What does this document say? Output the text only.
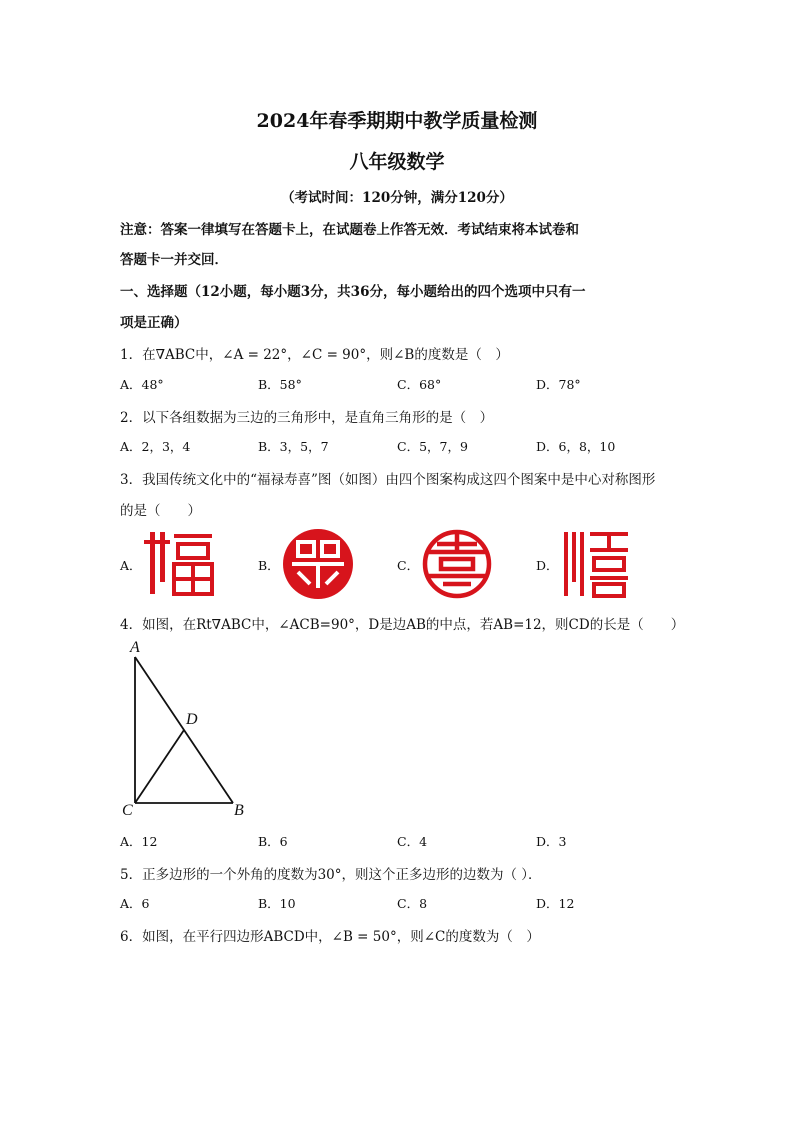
2024年春季期期中教学质量检测
八年级数学
（考试时间：120分钟，满分120分）
注意：答案一律填写在答题卡上，在试题卷上作答无效．考试结束将本试卷和
答题卡一并交回．
一、选择题（12小题，每小题3分，共36分，每小题给出的四个选项中只有一
项是正确）
1．在∇ABC中，∠A = 22°，∠C = 90°，则∠B的度数是（　）
A．48°	B．58°	C．68°	D．78°
2．以下各组数据为三边的三角形中，是直角三角形的是（　）
A．2，3，4	B．3，5，7	C．5，7，9	D．6，8，10
3．我国传统文化中的“福禄寿喜”图（如图）由四个图案构成这四个图案中是中心对称图形
的是（　　）
A．	B．	C．	D．
4．如图，在Rt∇ABC中，∠ACB=90°，D是边AB的中点，若AB=12，则CD的长是（　　）
A
D
C	B
A．12	B．6	C．4	D．3
5．正多边形的一个外角的度数为30°，则这个正多边形的边数为（ ）．
A．6	B．10	C．8	D．12
6．如图，在平行四边形ABCD中，∠B = 50°，则∠C的度数为（　）
